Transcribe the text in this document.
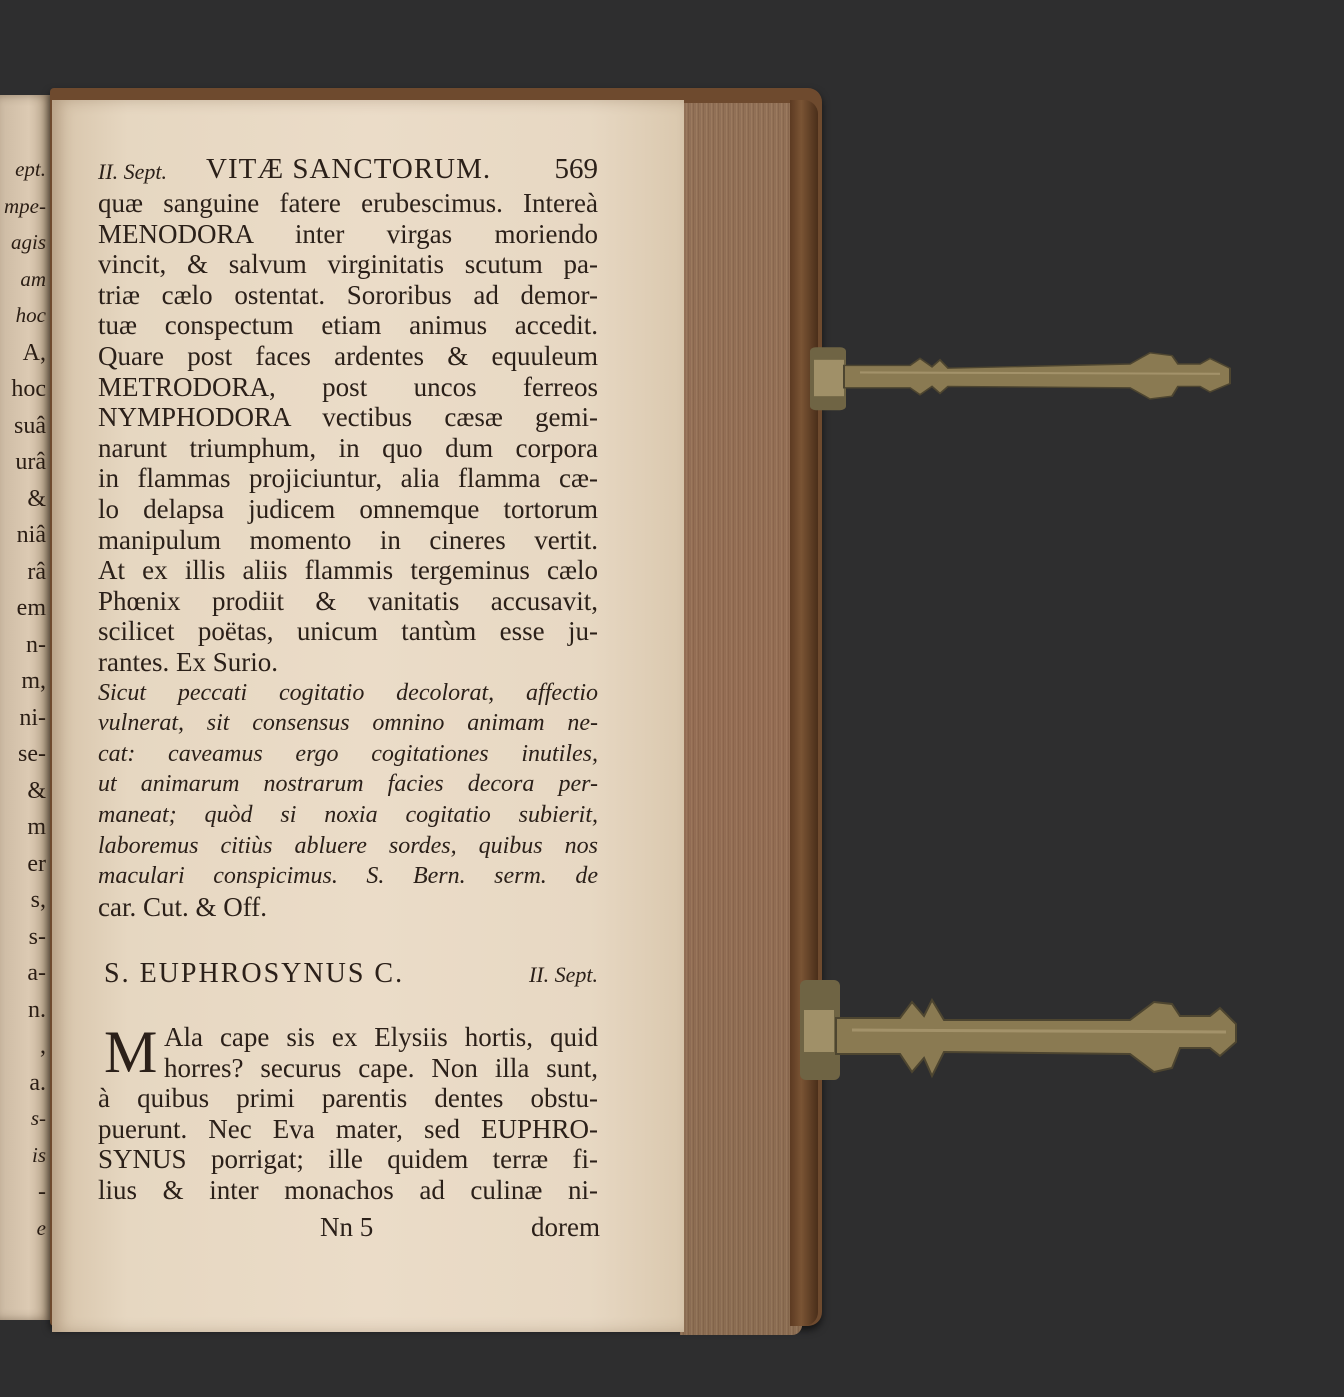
ept.
mpe-
agis
am
hoc
A,
hoc
suâ
urâ
&
niâ
râ
em
n-
m,
ni-
se-
&
m
er
s,
s-
a-
n.
,
a.
s-
is
-
e
II. Sept. VITÆ SANCTORUM. 569
quæ sanguine fatere erubescimus. Intereà
MENODORA inter virgas moriendo
vincit, & salvum virginitatis scutum pa-
triæ cælo ostentat. Sororibus ad demor-
tuæ conspectum etiam animus accedit.
Quare post faces ardentes & equuleum
METRODORA, post uncos ferreos
NYMPHODORA vectibus cæsæ gemi-
narunt triumphum, in quo dum corpora
in flammas projiciuntur, alia flamma cæ-
lo delapsa judicem omnemque tortorum
manipulum momento in cineres vertit.
At ex illis aliis flammis tergeminus cælo
Phœnix prodiit & vanitatis accusavit,
scilicet poëtas, unicum tantùm esse ju-
rantes. Ex Surio.
Sicut peccati cogitatio decolorat, affectio
vulnerat, sit consensus omnino animam ne-
cat: caveamus ergo cogitationes inutiles,
ut animarum nostrarum facies decora per-
maneat; quòd si noxia cogitatio subierit,
laboremus citiùs abluere sordes, quibus nos
maculari conspicimus. S. Bern. serm. de
car. Cut. & Off.
S. EUPHROSYNUS C.	II. Sept.
M Ala cape sis ex Elysiis hortis, quid
horres? securus cape. Non illa sunt,
à quibus primi parentis dentes obstu-
puerunt. Nec Eva mater, sed EUPHRO-
SYNUS porrigat; ille quidem terræ fi-
lius & inter monachos ad culinæ ni-
Nn 5	dorem
